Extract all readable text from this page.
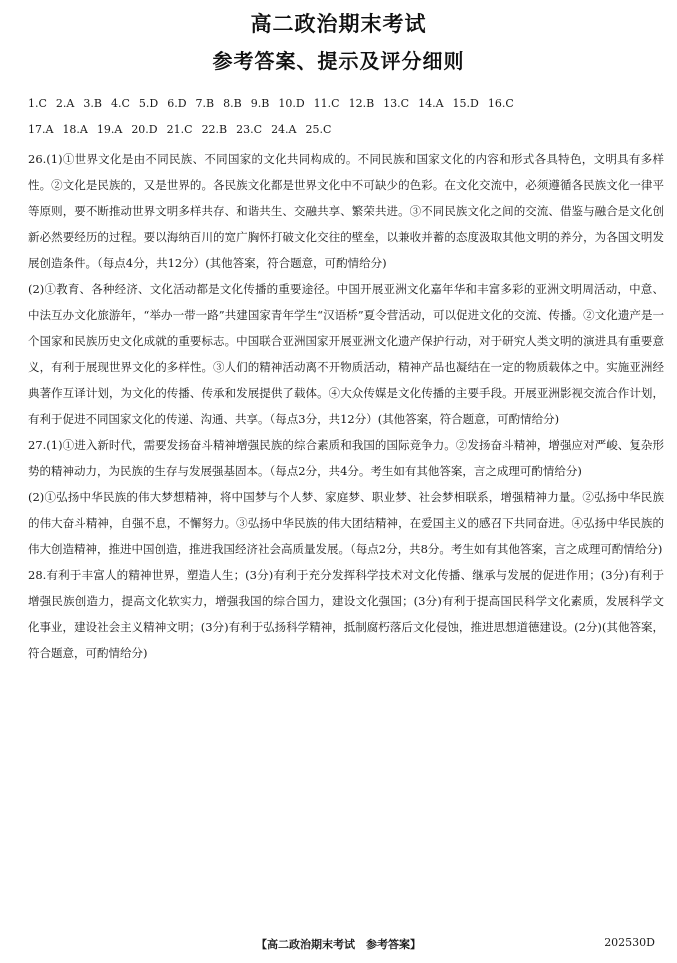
高二政治期末考试
参考答案、提示及评分细则
1.C 2.A 3.B 4.C 5.D 6.D 7.B 8.B 9.B 10.D 11.C 12.B 13.C 14.A 15.D 16.C
17.A 18.A 19.A 20.D 21.C 22.B 23.C 24.A 25.C

26.(1)①世界文化是由不同民族、不同国家的文化共同构成的。不同民族和国家文化的内容和形式各具特色，文明具有多样性。②文化是民族的，又是世界的。各民族文化都是世界文化中不可缺少的色彩。在文化交流中，必须遵循各民族文化一律平等原则，要不断推动世界文明多样共存、和谐共生、交融共享、繁荣共进。③不同民族文化之间的交流、借鉴与融合是文化创新必然要经历的过程。要以海纳百川的宽广胸怀打破文化交往的壁垒，以兼收并蓄的态度汲取其他文明的养分，为各国文明发展创造条件。（每点4分，共12分）(其他答案，符合题意，可酌情给分)

(2)①教育、各种经济、文化活动都是文化传播的重要途径。中国开展亚洲文化嘉年华和丰富多彩的亚洲文明周活动，中意、中法互办文化旅游年，“举办一带一路”共建国家青年学生“汉语桥”夏令营活动，可以促进文化的交流、传播。②文化遗产是一个国家和民族历史文化成就的重要标志。中国联合亚洲国家开展亚洲文化遗产保护行动，对于研究人类文明的演进具有重要意义，有利于展现世界文化的多样性。③人们的精神活动离不开物质活动，精神产品也凝结在一定的物质载体之中。实施亚洲经典著作互译计划，为文化的传播、传承和发展提供了载体。④大众传媒是文化传播的主要手段。开展亚洲影视交流合作计划，有利于促进不同国家文化的传递、沟通、共享。（每点3分，共12分）(其他答案，符合题意，可酌情给分)

27.(1)①进入新时代，需要发扬奋斗精神增强民族的综合素质和我国的国际竞争力。②发扬奋斗精神，增强应对严峻、复杂形势的精神动力，为民族的生存与发展强基固本。（每点2分，共4分。考生如有其他答案，言之成理可酌情给分)

(2)①弘扬中华民族的伟大梦想精神，将中国梦与个人梦、家庭梦、职业梦、社会梦相联系，增强精神力量。②弘扬中华民族的伟大奋斗精神，自强不息，不懈努力。③弘扬中华民族的伟大团结精神，在爱国主义的感召下共同奋进。④弘扬中华民族的伟大创造精神，推进中国创造，推进我国经济社会高质量发展。（每点2分，共8分。考生如有其他答案，言之成理可酌情给分)

28.有利于丰富人的精神世界，塑造人生；(3分)有利于充分发挥科学技术对文化传播、继承与发展的促进作用；(3分)有利于增强民族创造力，提高文化软实力，增强我国的综合国力，建设文化强国；(3分)有利于提高国民科学文化素质，发展科学文化事业，建设社会主义精神文明；(3分)有利于弘扬科学精神，抵制腐朽落后文化侵蚀，推进思想道德建设。(2分)(其他答案，符合题意，可酌情给分)

【高二政治期末考试　参考答案】	202530D
